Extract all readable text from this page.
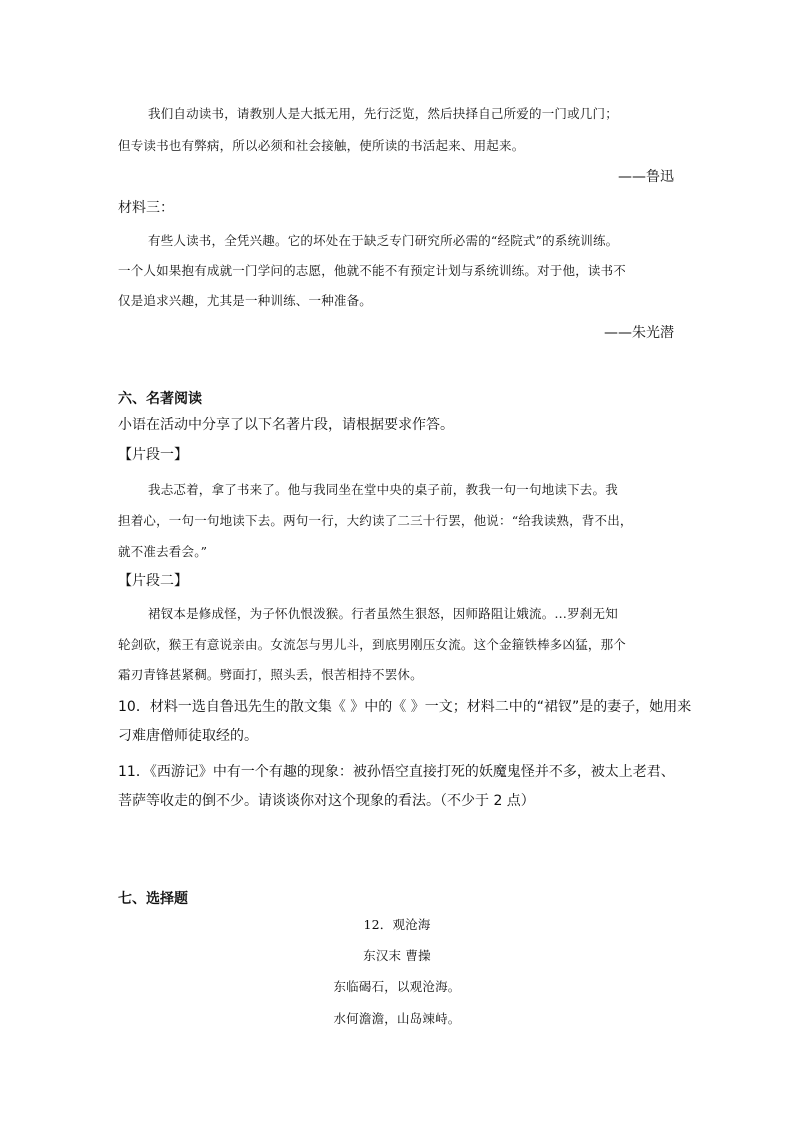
我们自动读书，请教别人是大抵无用，先行泛览，然后抉择自己所爱的一门或几门；
但专读书也有弊病，所以必须和社会接触，使所读的书活起来、用起来。
——鲁迅
材料三：
有些人读书，全凭兴趣。它的坏处在于缺乏专门研究所必需的“经院式”的系统训练。
一个人如果抱有成就一门学问的志愿，他就不能不有预定计划与系统训练。对于他，读书不
仅是追求兴趣，尤其是一种训练、一种准备。
——朱光潜
六、名著阅读
小语在活动中分享了以下名著片段，请根据要求作答。
【片段一】
我忐忑着，拿了书来了。他与我同坐在堂中央的桌子前，教我一句一句地读下去。我
担着心，一句一句地读下去。两句一行，大约读了二三十行罢，他说：“给我读熟，背不出，
就不准去看会。”
【片段二】
裙钗本是修成怪，为子怀仇恨泼猴。行者虽然生狠怒，因师路阻让娥流。…罗刹无知
轮剑砍，猴王有意说亲由。女流怎与男儿斗，到底男刚压女流。这个金箍铁棒多凶猛，那个
霜刃青锋甚紧稠。劈面打，照头丢，恨苦相持不罢休。
10．材料一选自鲁迅先生的散文集《 》中的《 》一文；材料二中的“裙钗”是的妻子，她用来
刁难唐僧师徒取经的。
11．《西游记》中有一个有趣的现象：被孙悟空直接打死的妖魔鬼怪并不多，被太上老君、
菩萨等收走的倒不少。请谈谈你对这个现象的看法。（不少于 2 点）
七、选择题
12．观沧海
东汉末 曹操
东临碣石，以观沧海。
水何澹澹，山岛竦峙。
